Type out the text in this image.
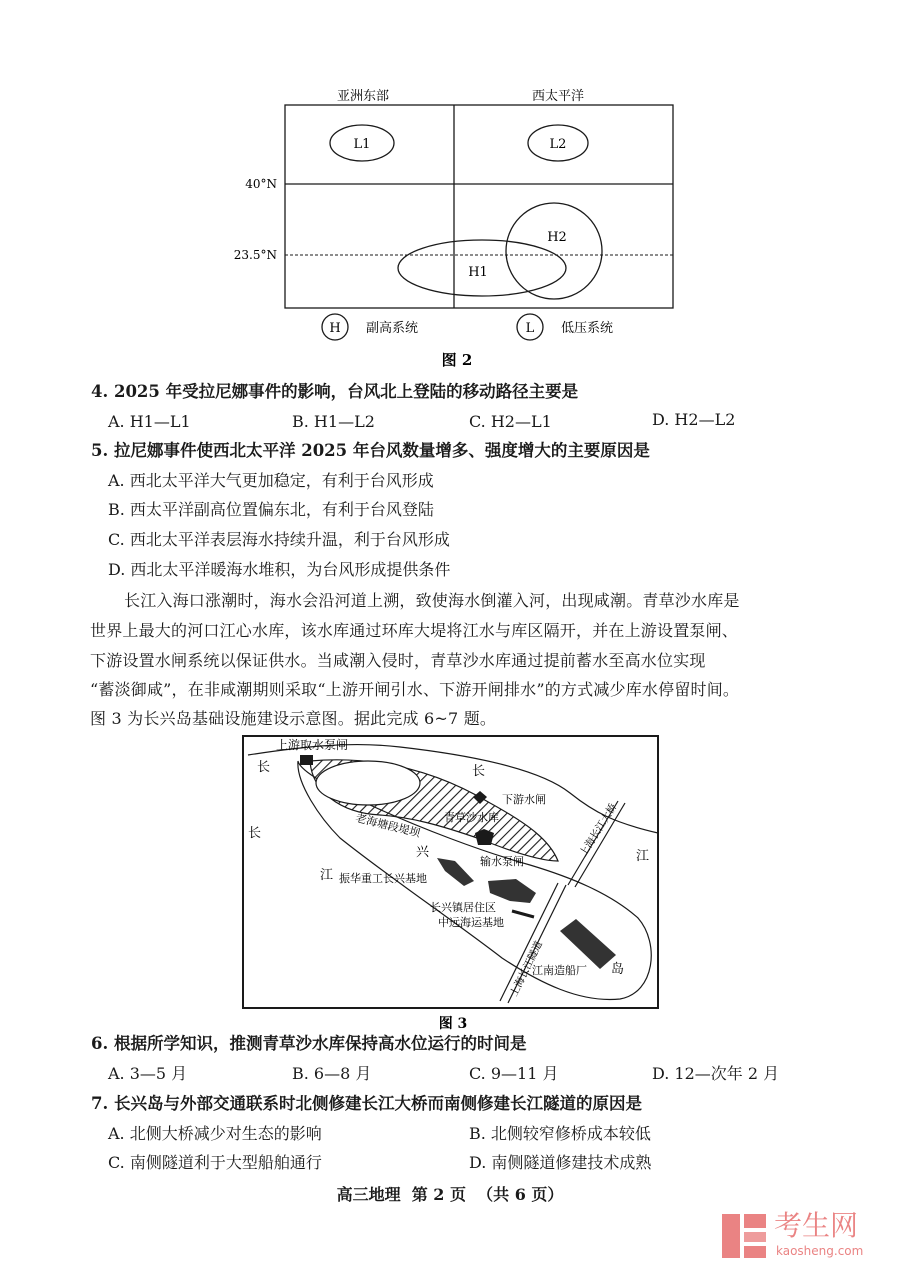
亚洲东部	西太平洋
40°N
23.5°N
L1	L2
H1
H2
H 副高系统	L 低压系统
图 2
4. 2025 年受拉尼娜事件的影响，台风北上登陆的移动路径主要是
A. H1—L1	B. H1—L2	C. H2—L1	D. H2—L2
5. 拉尼娜事件使西北太平洋 2025 年台风数量增多、强度增大的主要原因是
A. 西北太平洋大气更加稳定，有利于台风形成
B. 西太平洋副高位置偏东北，有利于台风登陆
C. 西北太平洋表层海水持续升温，利于台风形成
D. 西北太平洋暖海水堆积，为台风形成提供条件
长江入海口涨潮时，海水会沿河道上溯，致使海水倒灌入河，出现咸潮。青草沙水库是
世界上最大的河口江心水库，该水库通过环库大堤将江水与库区隔开，并在上游设置泵闸、
下游设置水闸系统以保证供水。当咸潮入侵时，青草沙水库通过提前蓄水至高水位实现
“蓄淡御咸”，在非咸潮期则采取“上游开闸引水、下游开闸排水”的方式减少库水停留时间。
图 3 为长兴岛基础设施建设示意图。据此完成 6~7 题。
上游取水泵闸
长	长
长
下游水闸
青草沙水库
老海塘段堤坝
输水泵闸
兴	上海长江大桥 江
江 振华重工长兴基地
长兴镇居住区
中远海运基地
上海长江隧道
江南造船厂 岛
图 3
6. 根据所学知识，推测青草沙水库保持高水位运行的时间是
A. 3—5 月	B. 6—8 月	C. 9—11 月	D. 12—次年 2 月
7. 长兴岛与外部交通联系时北侧修建长江大桥而南侧修建长江隧道的原因是
A. 北侧大桥减少对生态的影响	B. 北侧较窄修桥成本较低
C. 南侧隧道利于大型船舶通行	D. 南侧隧道修建技术成熟
高三地理  第 2 页  （共 6 页）
考生网
kaosheng.com
